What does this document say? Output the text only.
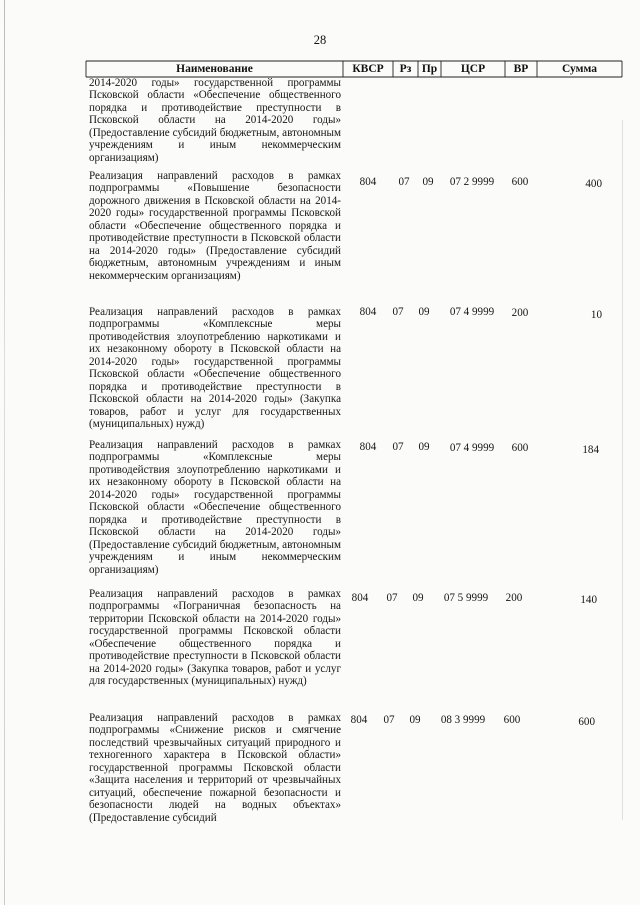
28
Наименование	КВСР	Рз Пр	ЦСР	ВР	Сумма
2014-2020 годы» государственной программы Псковской области «Обеспечение общественного порядка и противодействие преступности в Псковской области на 2014-2020 годы» (Предоставление субсидий бюджетным, автономным учреждениям и иным некоммерческим организациям)
Реализация направлений расходов в рамках подпрограммы «Повышение безопасности дорожного движения в Псковской области на 2014-2020 годы» государственной программы Псковской области «Обеспечение общественного порядка и противодействие преступности в Псковской области на 2014-2020 годы» (Предоставление субсидий бюджетным, автономным учреждениям и иным некоммерческим организациям)
804	07	09	07 2 9999	600	400
Реализация направлений расходов в рамках подпрограммы «Комплексные меры противодействия злоупотреблению наркотиками и их незаконному обороту в Псковской области на 2014-2020 годы» государственной программы Псковской области «Обеспечение общественного порядка и противодействие преступности в Псковской области на 2014-2020 годы» (Закупка товаров, работ и услуг для государственных (муниципальных) нужд)
804	07	09	07 4 9999	200	10
Реализация направлений расходов в рамках подпрограммы «Комплексные меры противодействия злоупотреблению наркотиками и их незаконному обороту в Псковской области на 2014-2020 годы» государственной программы Псковской области «Обеспечение общественного порядка и противодействие преступности в Псковской области на 2014-2020 годы» (Предоставление субсидий бюджетным, автономным учреждениям и иным некоммерческим организациям)
804	07	09	07 4 9999	600	184
Реализация направлений расходов в рамках подпрограммы «Пограничная безопасность на территории Псковской области на 2014-2020 годы» государственной программы Псковской области «Обеспечение общественного порядка и противодействие преступности в Псковской области на 2014-2020 годы» (Закупка товаров, работ и услуг для государственных (муниципальных) нужд)
804	07	09	07 5 9999	200	140
Реализация направлений расходов в рамках подпрограммы «Снижение рисков и смягчение последствий чрезвычайных ситуаций природного и техногенного характера в Псковской области» государственной программы Псковской области «Защита населения и территорий от чрезвычайных ситуаций, обеспечение пожарной безопасности и безопасности людей на водных объектах» (Предоставление субсидий
804	07	09	08 3 9999	600	600
